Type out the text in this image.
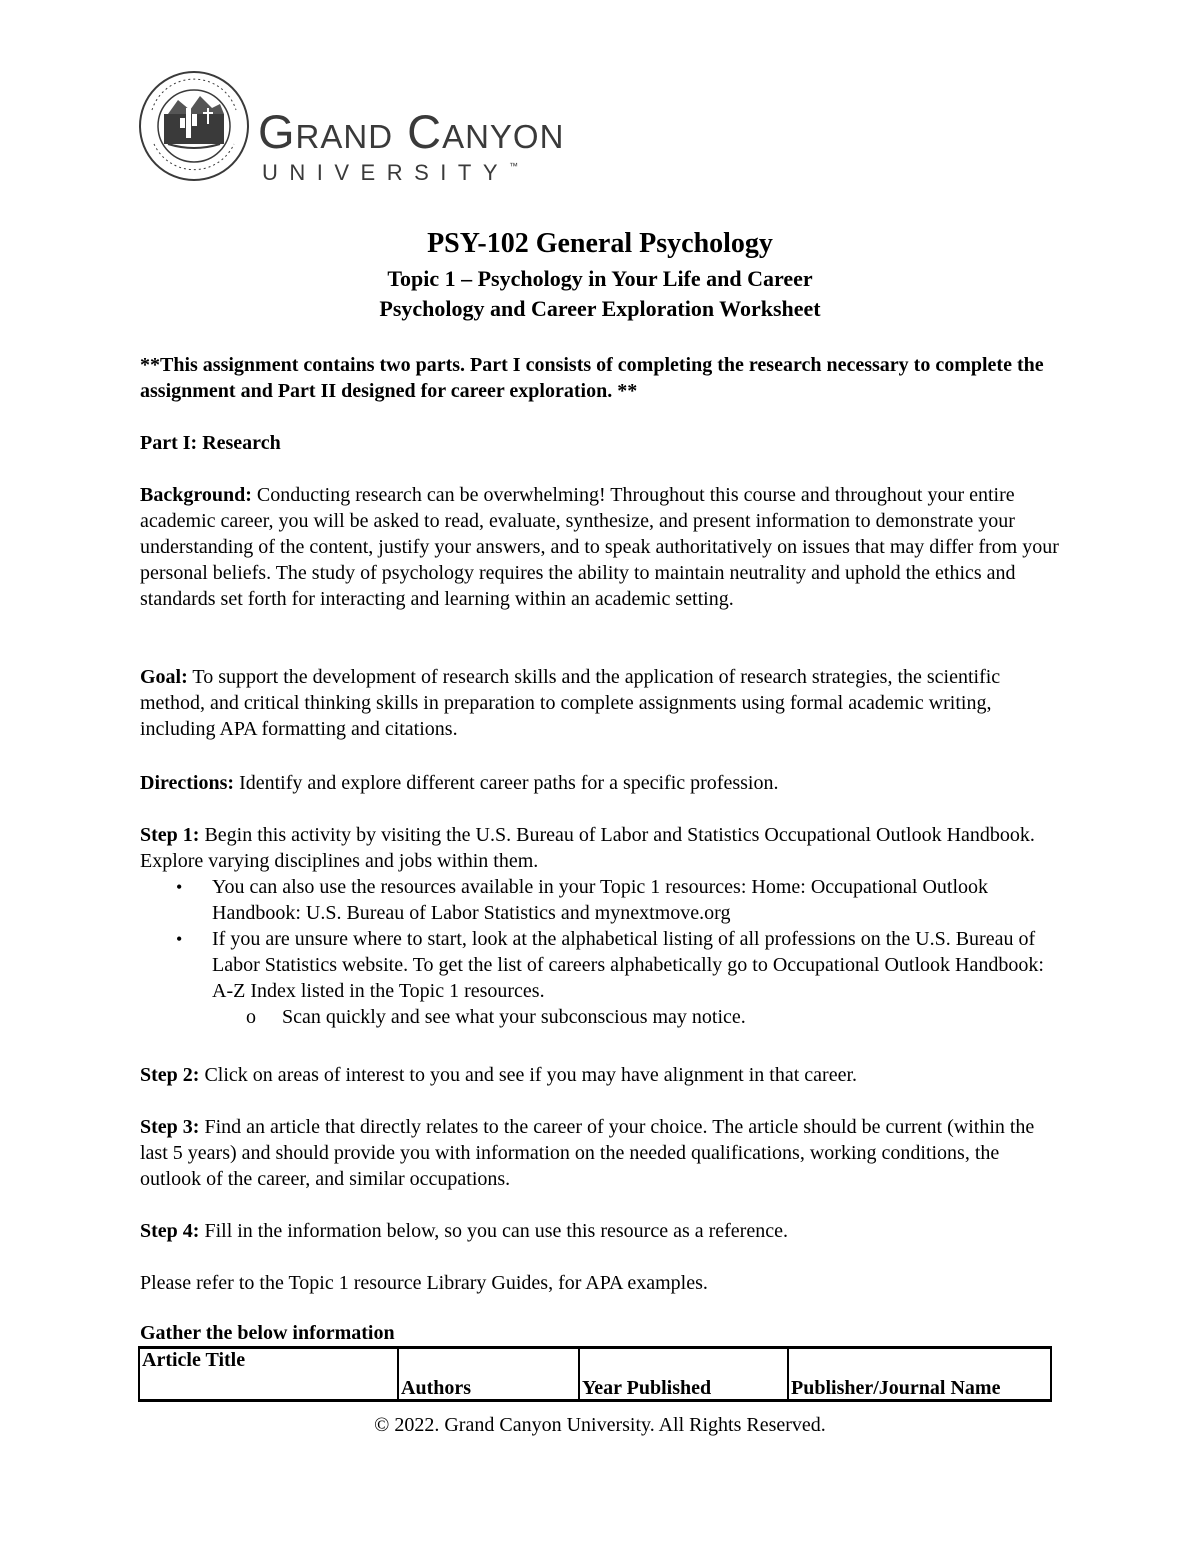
Grand Canyon
UNIVERSITY™
PSY-102 General Psychology
Topic 1 – Psychology in Your Life and Career
Psychology and Career Exploration Worksheet
**This assignment contains two parts. Part I consists of completing the research necessary to complete the assignment and Part II designed for career exploration. **
Part I: Research
Background: Conducting research can be overwhelming! Throughout this course and throughout your entire academic career, you will be asked to read, evaluate, synthesize, and present information to demonstrate your understanding of the content, justify your answers, and to speak authoritatively on issues that may differ from your personal beliefs. The study of psychology requires the ability to maintain neutrality and uphold the ethics and standards set forth for interacting and learning within an academic setting.
Goal: To support the development of research skills and the application of research strategies, the scientific method, and critical thinking skills in preparation to complete assignments using formal academic writing, including APA formatting and citations.
Directions: Identify and explore different career paths for a specific profession.
Step 1: Begin this activity by visiting the U.S. Bureau of Labor and Statistics Occupational Outlook Handbook. Explore varying disciplines and jobs within them.
• You can also use the resources available in your Topic 1 resources: Home: Occupational Outlook Handbook: U.S. Bureau of Labor Statistics and mynextmove.org
• If you are unsure where to start, look at the alphabetical listing of all professions on the U.S. Bureau of Labor Statistics website. To get the list of careers alphabetically go to Occupational Outlook Handbook: A-Z Index listed in the Topic 1 resources.
o Scan quickly and see what your subconscious may notice.
Step 2: Click on areas of interest to you and see if you may have alignment in that career.
Step 3: Find an article that directly relates to the career of your choice. The article should be current (within the last 5 years) and should provide you with information on the needed qualifications, working conditions, the outlook of the career, and similar occupations.
Step 4: Fill in the information below, so you can use this resource as a reference.
Please refer to the Topic 1 resource Library Guides, for APA examples.
Gather the below information
Article Title	Authors	Year Published	Publisher/Journal Name
© 2022. Grand Canyon University. All Rights Reserved.
